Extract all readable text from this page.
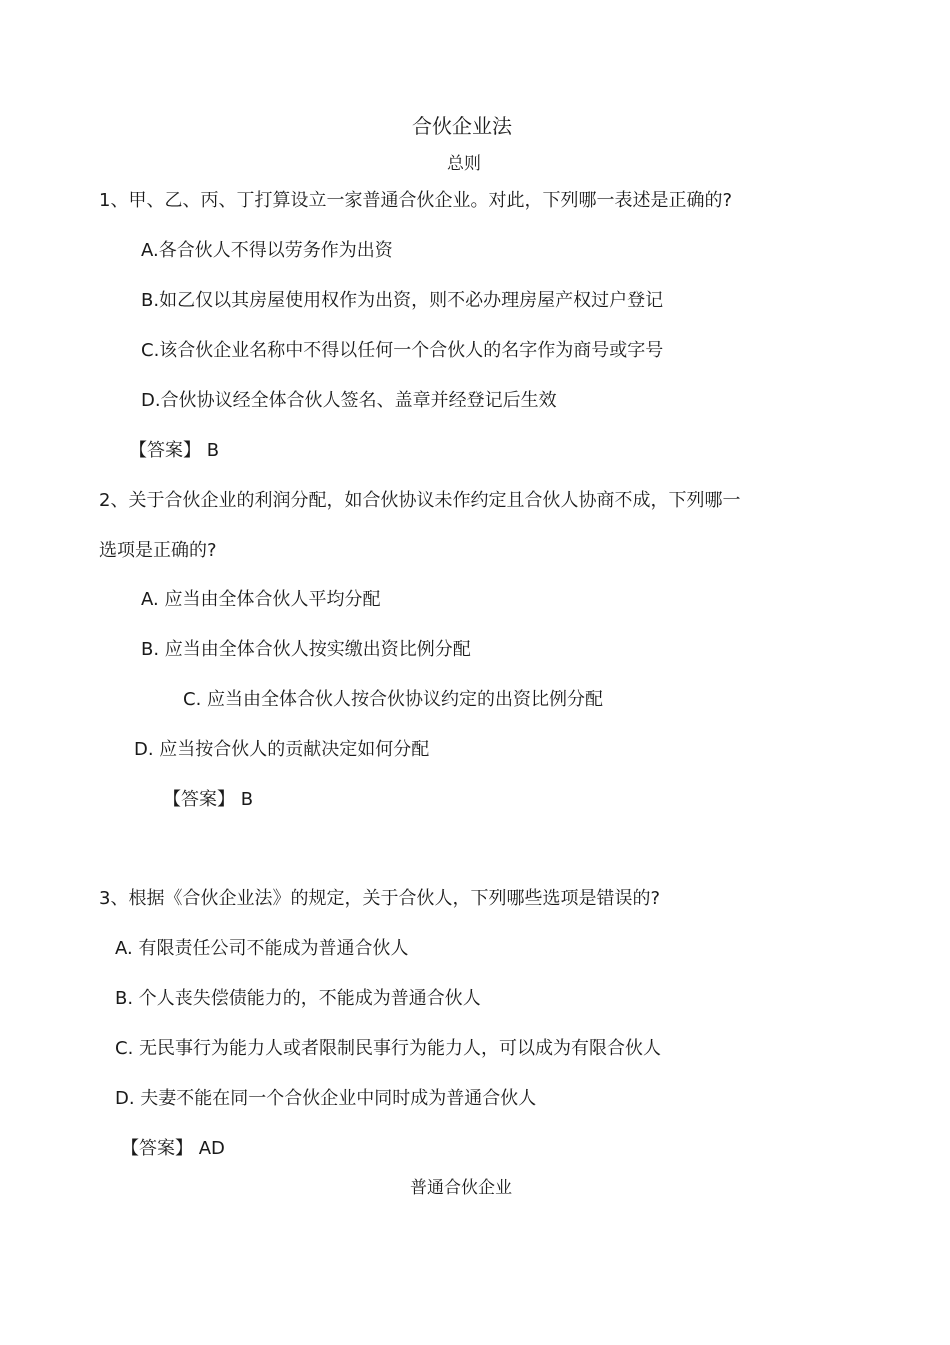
合伙企业法
总则
1、甲、乙、丙、丁打算设立一家普通合伙企业。对此，下列哪一表述是正确的?
A.各合伙人不得以劳务作为出资
B.如乙仅以其房屋使用权作为出资，则不必办理房屋产权过户登记
C.该合伙企业名称中不得以任何一个合伙人的名字作为商号或字号
D.合伙协议经全体合伙人签名、盖章并经登记后生效
【答案】 B
2、关于合伙企业的利润分配，如合伙协议未作约定且合伙人协商不成，下列哪一
选项是正确的?
A. 应当由全体合伙人平均分配
B. 应当由全体合伙人按实缴出资比例分配
C. 应当由全体合伙人按合伙协议约定的出资比例分配
D. 应当按合伙人的贡献决定如何分配
【答案】 B
3、根据《合伙企业法》的规定，关于合伙人，下列哪些选项是错误的?
A. 有限责任公司不能成为普通合伙人
B. 个人丧失偿债能力的，不能成为普通合伙人
C. 无民事行为能力人或者限制民事行为能力人，可以成为有限合伙人
D. 夫妻不能在同一个合伙企业中同时成为普通合伙人
【答案】 AD
普通合伙企业
